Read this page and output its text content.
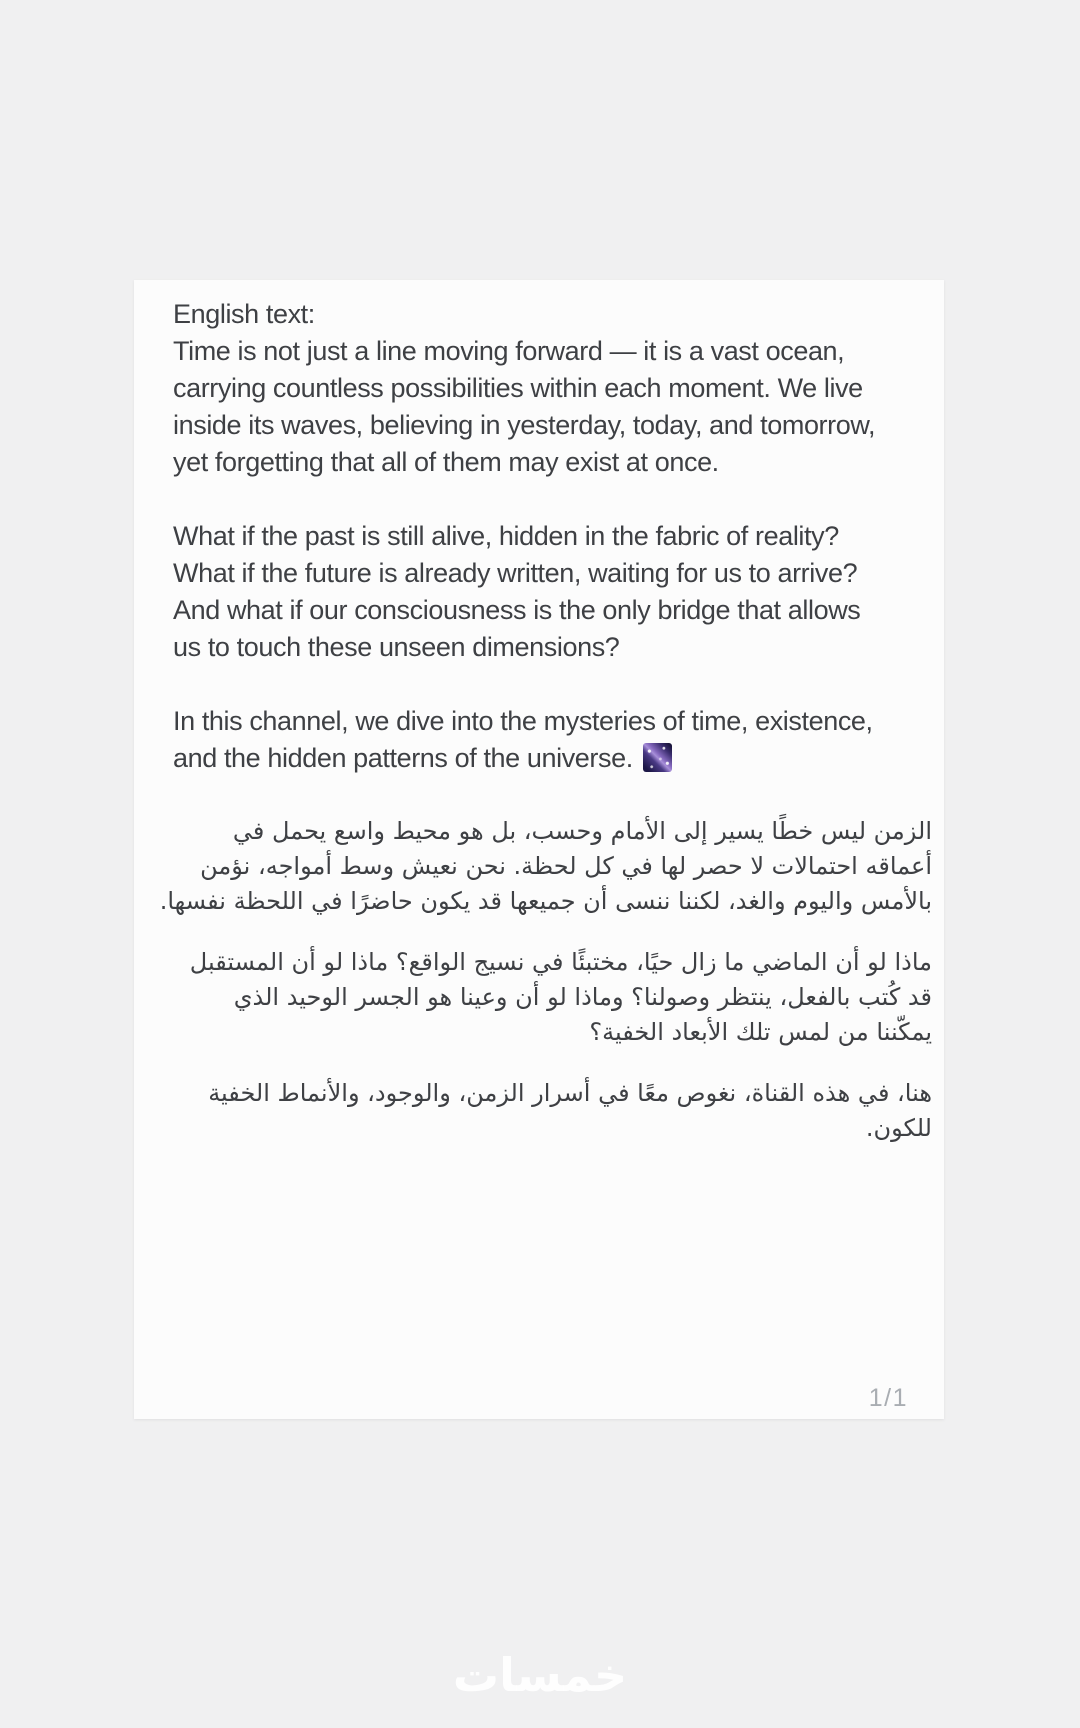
English text:
Time is not just a line moving forward — it is a vast ocean,
carrying countless possibilities within each moment. We live
inside its waves, believing in yesterday, today, and tomorrow,
yet forgetting that all of them may exist at once.
What if the past is still alive, hidden in the fabric of reality?
What if the future is already written, waiting for us to arrive?
And what if our consciousness is the only bridge that allows
us to touch these unseen dimensions?
In this channel, we dive into the mysteries of time, existence,
and the hidden patterns of the universe.
الزمن ليس خطًا يسير إلى الأمام وحسب، بل هو محيط واسع يحمل في
أعماقه احتمالات لا حصر لها في كل لحظة. نحن نعيش وسط أمواجه، نؤمن
بالأمس واليوم والغد، لكننا ننسى أن جميعها قد يكون حاضرًا في اللحظة نفسها.
ماذا لو أن الماضي ما زال حيًا، مختبئًا في نسيج الواقع؟ ماذا لو أن المستقبل
قد كُتب بالفعل، ينتظر وصولنا؟ وماذا لو أن وعينا هو الجسر الوحيد الذي
يمكّننا من لمس تلك الأبعاد الخفية؟
هنا، في هذه القناة، نغوص معًا في أسرار الزمن، والوجود، والأنماط الخفية
للكون.
1/1
خمسات
